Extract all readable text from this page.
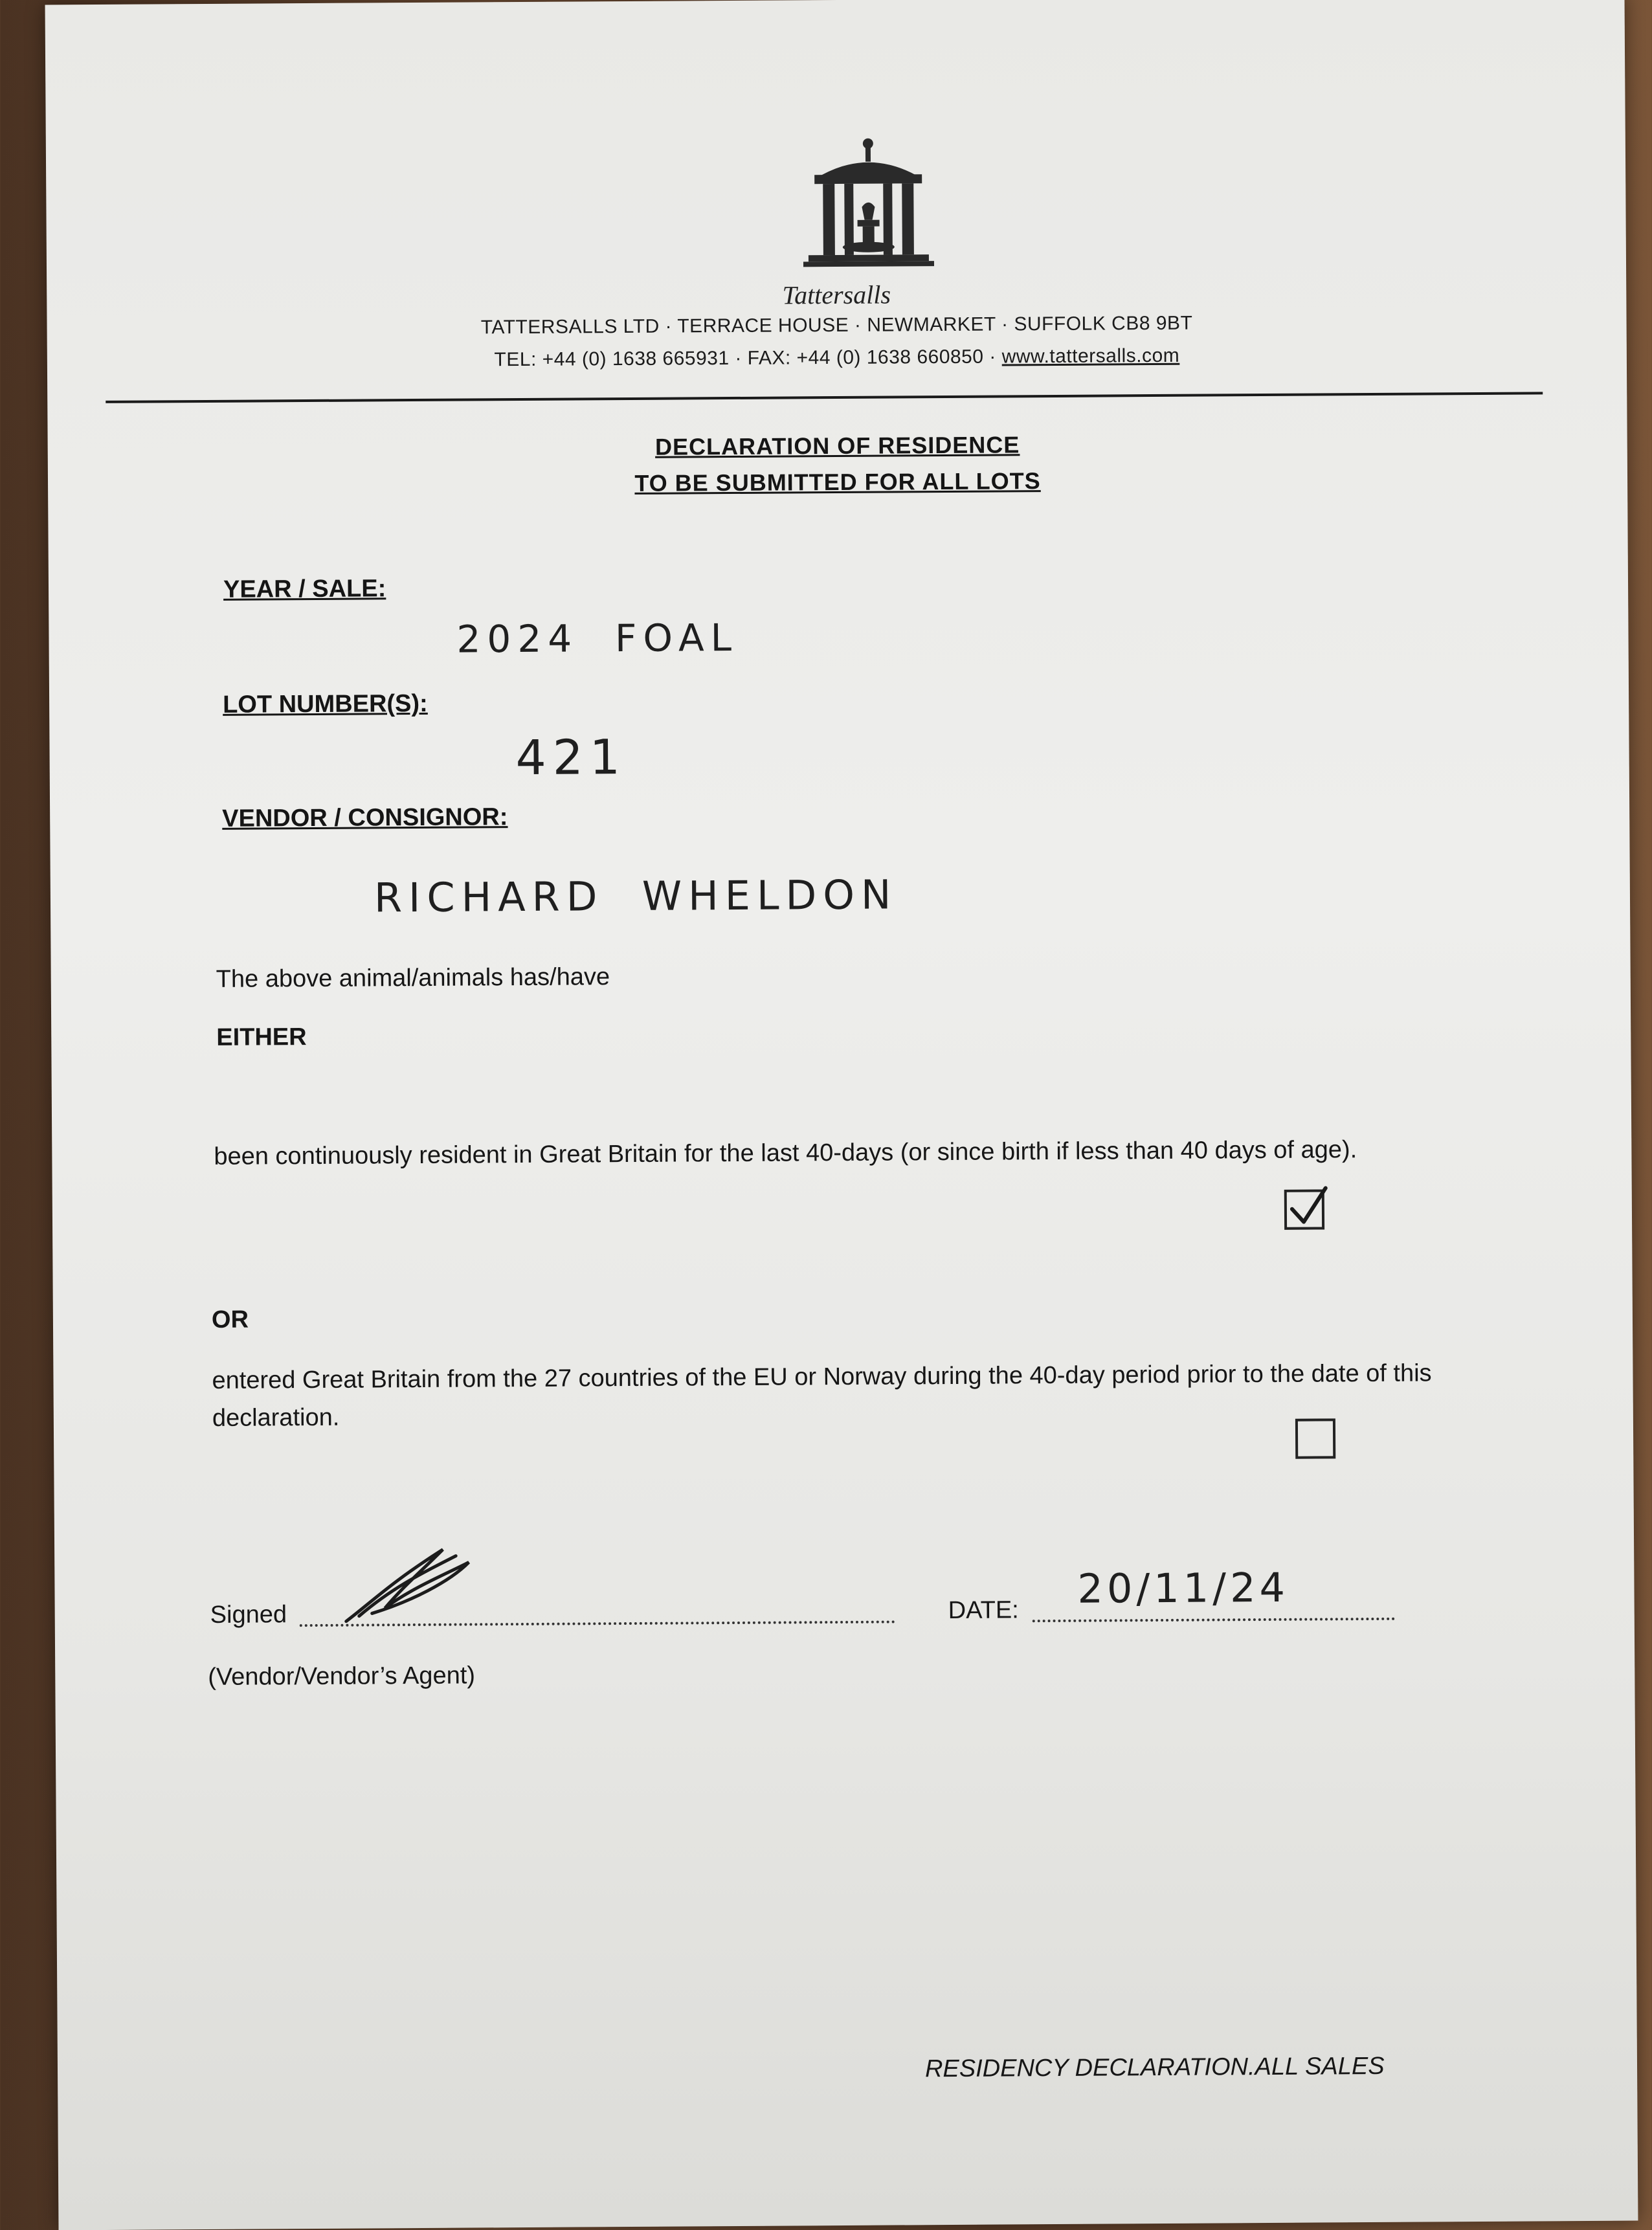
Tattersalls
TATTERSALLS LTD · TERRACE HOUSE · NEWMARKET · SUFFOLK CB8 9BT
TEL: +44 (0) 1638 665931 · FAX: +44 (0) 1638 660850 · www.tattersalls.com
DECLARATION OF RESIDENCE
TO BE SUBMITTED FOR ALL LOTS
YEAR / SALE:
2024  FOAL
LOT NUMBER(S):
421
VENDOR / CONSIGNOR:
RICHARD  WHELDON
The above animal/animals has/have
EITHER
been continuously resident in Great Britain for the last 40-days (or since birth if less than 40 days of age).
OR
entered Great Britain from the 27 countries of the EU or Norway during the 40-day period prior to the date of this declaration.
Signed	DATE: 20/11/24
(Vendor/Vendor’s Agent)
RESIDENCY DECLARATION.ALL SALES
